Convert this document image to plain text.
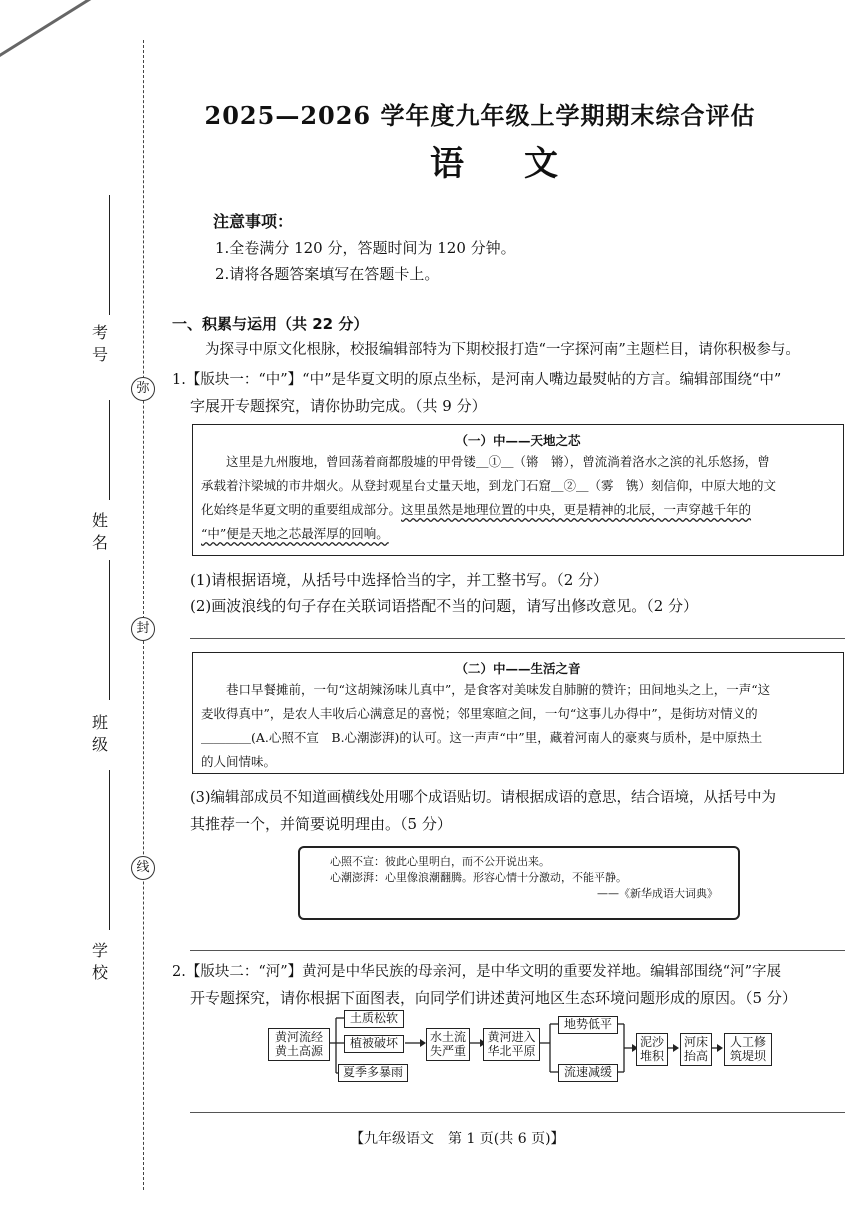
考号
姓名
班级
学校
弥
封
线
2025—2026 学年度九年级上学期期末综合评估
语文
注意事项：
1.全卷满分 120 分，答题时间为 120 分钟。
2.请将各题答案填写在答题卡上。
一、积累与运用（共 22 分）
为探寻中原文化根脉，校报编辑部特为下期校报打造“一字探河南”主题栏目，请你积极参与。
1.【版块一：“中”】“中”是华夏文明的原点坐标，是河南人嘴边最熨帖的方言。编辑部围绕“中”
字展开专题探究，请你协助完成。（共 9 分）
（一）中——天地之芯
这里是九州腹地，曾回荡着商都殷墟的甲骨镂＿①＿（锵　锵），曾流淌着洛水之滨的礼乐悠扬，曾
承载着汴梁城的市井烟火。从登封观星台丈量天地，到龙门石窟＿②＿（雾　镌）刻信仰，中原大地的文
化始终是华夏文明的重要组成部分。这里虽然是地理位置的中央，更是精神的北辰，一声穿越千年的
“中”便是天地之芯最浑厚的回响。
(1)请根据语境，从括号中选择恰当的字，并工整书写。（2 分）
(2)画波浪线的句子存在关联词语搭配不当的问题，请写出修改意见。（2 分）
（二）中——生活之音
巷口早餐摊前，一句“这胡辣汤味儿真中”，是食客对美味发自肺腑的赞许；田间地头之上，一声“这
麦收得真中”，是农人丰收后心满意足的喜悦；邻里寒暄之间，一句“这事儿办得中”，是街坊对情义的
＿＿＿＿(A.心照不宣　B.心潮澎湃)的认可。这一声声“中”里，藏着河南人的豪爽与质朴，是中原热土
的人间情味。
(3)编辑部成员不知道画横线处用哪个成语贴切。请根据成语的意思，结合语境，从括号中为
其推荐一个，并简要说明理由。（5 分）
心照不宣：彼此心里明白，而不公开说出来。
心潮澎湃：心里像浪潮翻腾。形容心情十分激动，不能平静。
——《新华成语大词典》
2.【版块二：“河”】黄河是中华民族的母亲河，是中华文明的重要发祥地。编辑部围绕“河”字展
开专题探究，请你根据下面图表，向同学们讲述黄河地区生态环境问题形成的原因。（5 分）
黄河流经
黄土高源
土质松软
植被破坏
夏季多暴雨
水土流
失严重
黄河进入
华北平原
地势低平
流速减缓
泥沙
堆积
河床
抬高
人工修
筑堤坝
【九年级语文　第 1 页(共 6 页)】
